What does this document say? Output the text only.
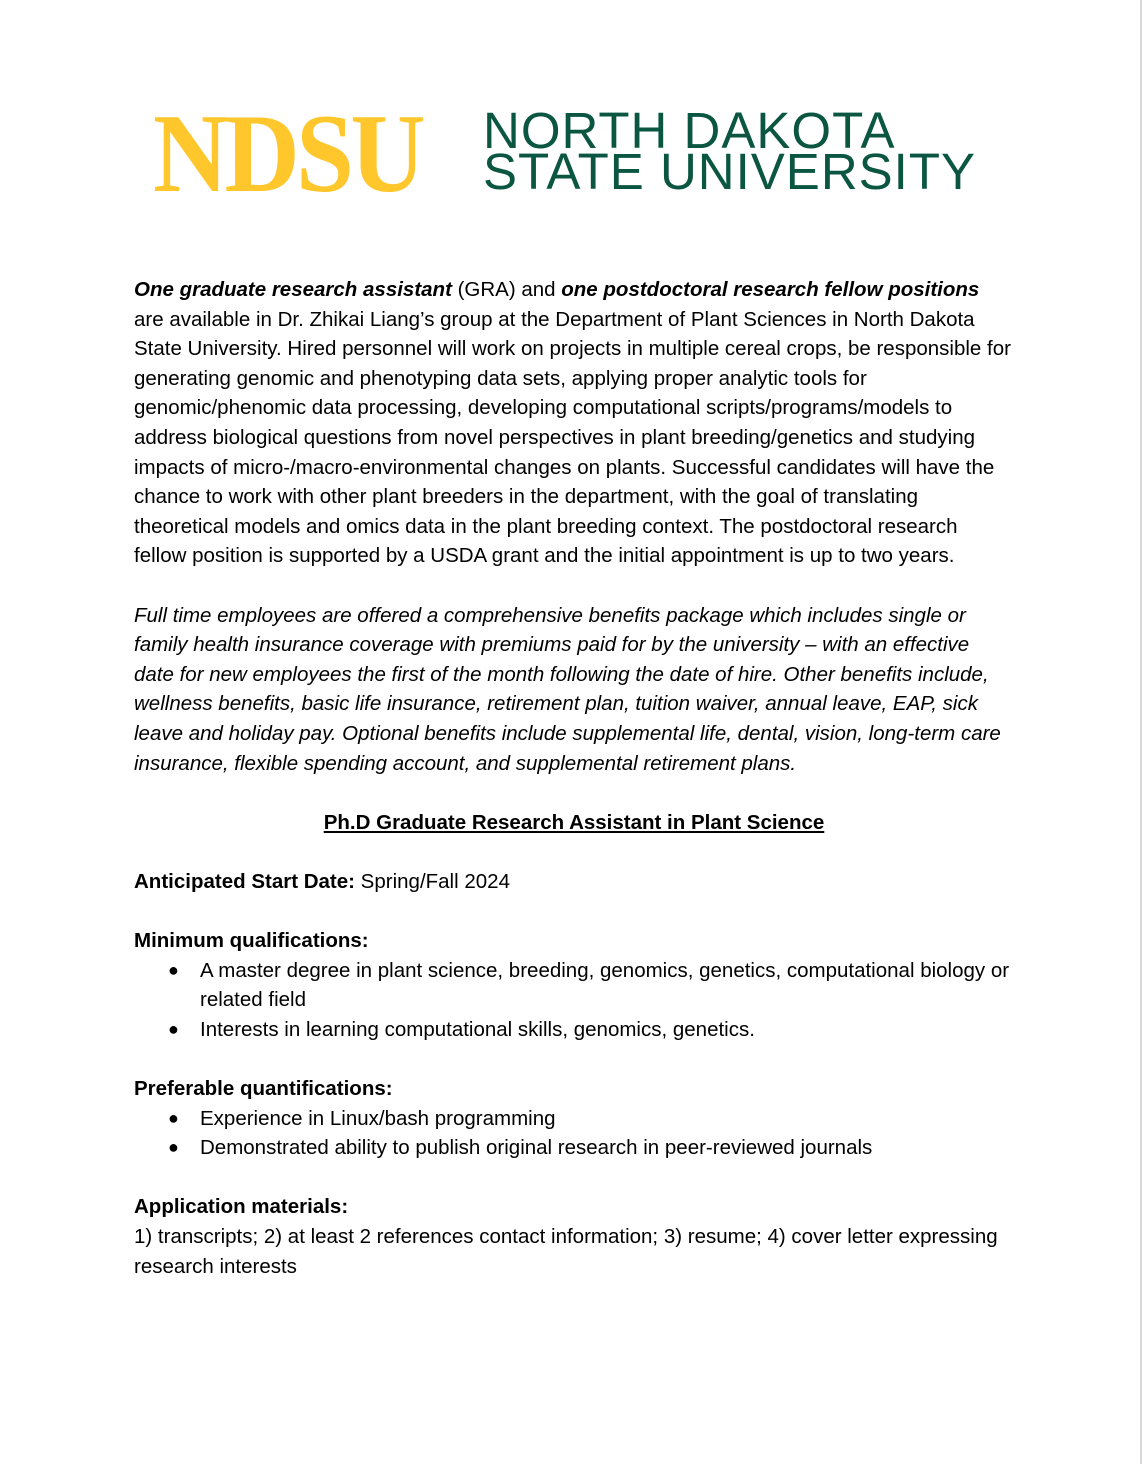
NDSU NORTH DAKOTA
STATE UNIVERSITY

One graduate research assistant (GRA) and one postdoctoral research fellow positions are available in Dr. Zhikai Liang’s group at the Department of Plant Sciences in North Dakota State University. Hired personnel will work on projects in multiple cereal crops, be responsible for generating genomic and phenotyping data sets, applying proper analytic tools for genomic/phenomic data processing, developing computational scripts/programs/models to address biological questions from novel perspectives in plant breeding/genetics and studying impacts of micro-/macro-environmental changes on plants. Successful candidates will have the chance to work with other plant breeders in the department, with the goal of translating theoretical models and omics data in the plant breeding context. The postdoctoral research fellow position is supported by a USDA grant and the initial appointment is up to two years.

Full time employees are offered a comprehensive benefits package which includes single or family health insurance coverage with premiums paid for by the university – with an effective date for new employees the first of the month following the date of hire. Other benefits include, wellness benefits, basic life insurance, retirement plan, tuition waiver, annual leave, EAP, sick leave and holiday pay. Optional benefits include supplemental life, dental, vision, long-term care insurance, flexible spending account, and supplemental retirement plans.

Ph.D Graduate Research Assistant in Plant Science

Anticipated Start Date: Spring/Fall 2024

Minimum qualifications:

● A master degree in plant science, breeding, genomics, genetics, computational biology or related field
● Interests in learning computational skills, genomics, genetics.

Preferable quantifications:

● Experience in Linux/bash programming
● Demonstrated ability to publish original research in peer-reviewed journals

Application materials:

1) transcripts; 2) at least 2 references contact information; 3) resume; 4) cover letter expressing research interests
